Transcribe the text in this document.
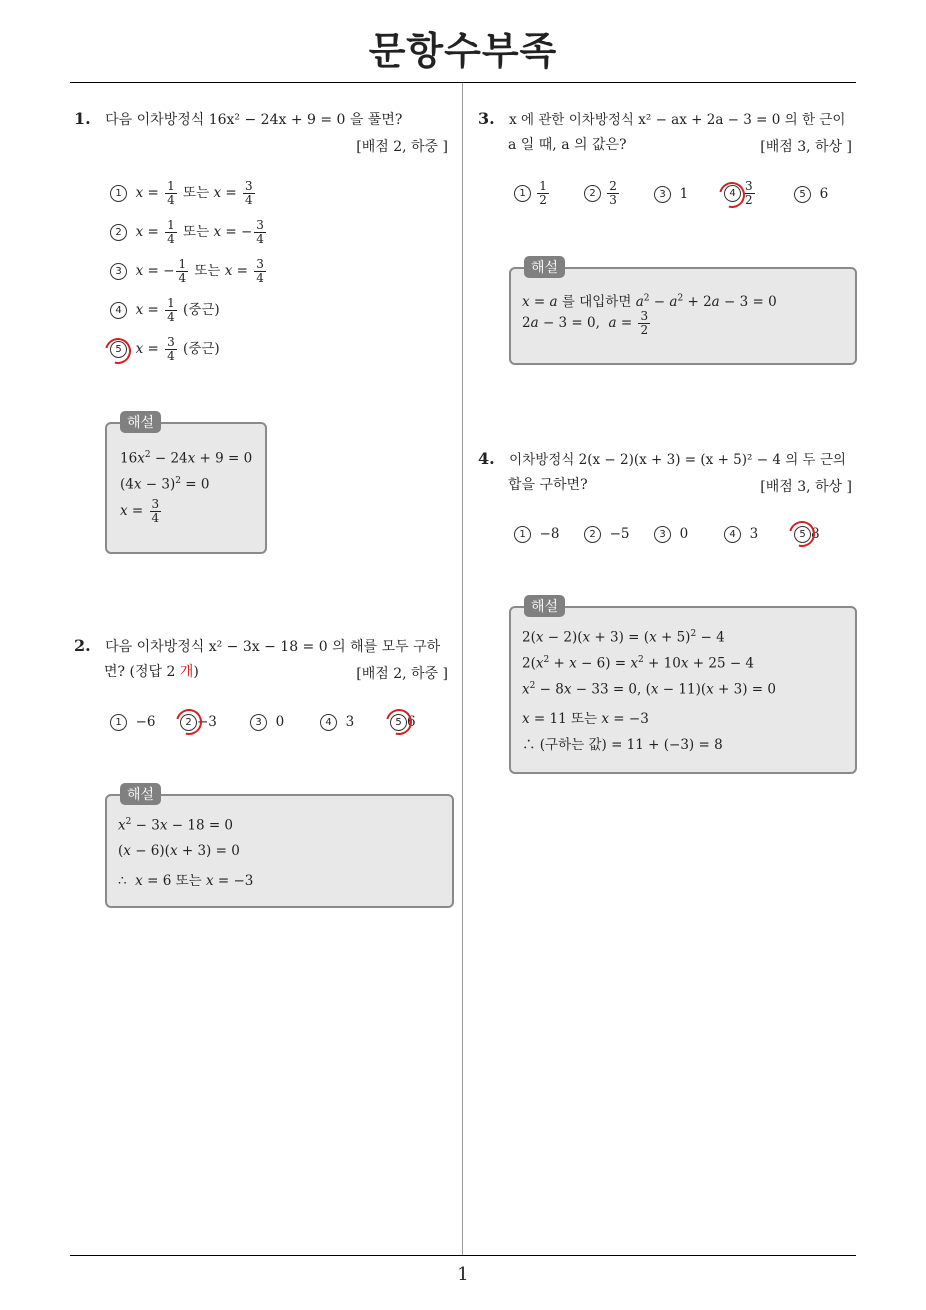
문항수부족
1
1. 다음 이차방정식 16x² − 24x + 9 = 0 을 풀면?
[배점 2, 하중 ]
1 $x = \frac{1}{4}$ 또는 $x = \frac{3}{4}$
2 $x = \frac{1}{4}$ 또는 x = − $\frac{3}{4}$
3 x = − $\frac{1}{4}$ 또는 $x = \frac{3}{4}$
4 $x = \frac{1}{4}$ (중근)
5 $x = \frac{3}{4}$ (중근)
해설
$16x^2 - 24x + 9 = 0$
$(4x - 3)^2 = 0$
$x = \frac{3}{4}$
2. 다음 이차방정식 x² − 3x − 18 = 0 의 해를 모두 구하
면? (정답 2 개)	[배점 2, 하중 ]
1  −6	2 −3	3  0	4  3	5 6
해설
$x^2 - 3x - 18 = 0$
(x − 6)(x + 3) = 0
∴  x = 6 또는 x = −3
3. x 에 관한 이차방정식 x² − ax + 2a − 3 = 0 의 한 근이
a 일 때, a 의 값은?	[배점 3, 하상 ]
$1 \frac{1}{2}$	$2 \frac{2}{3}$	3  1	$4 \frac{3}{2}$	5  6
해설
x = a 를 대입하면 $a^2 - a^2 + 2a - 3 = 0$
2a − 3 = 0,  $a = \frac{3}{2}$
4. 이차방정식 2(x − 2)(x + 3) = (x + 5)² − 4 의 두 근의
합을 구하면?	[배점 3, 하상 ]
1  −8	2  −5	3  0	4  3	5 8
해설
$2(x - 2)(x + 3) = (x + 5)^2 - 4$
$2(x^2 + x - 6) = x^2 + 10x + 25 - 4$
$x^2 - 8x - 33 = 0$, (x − 11)(x + 3) = 0
x = 11 또는 x = −3
∴ (구하는 값) = 11 + (−3) = 8
